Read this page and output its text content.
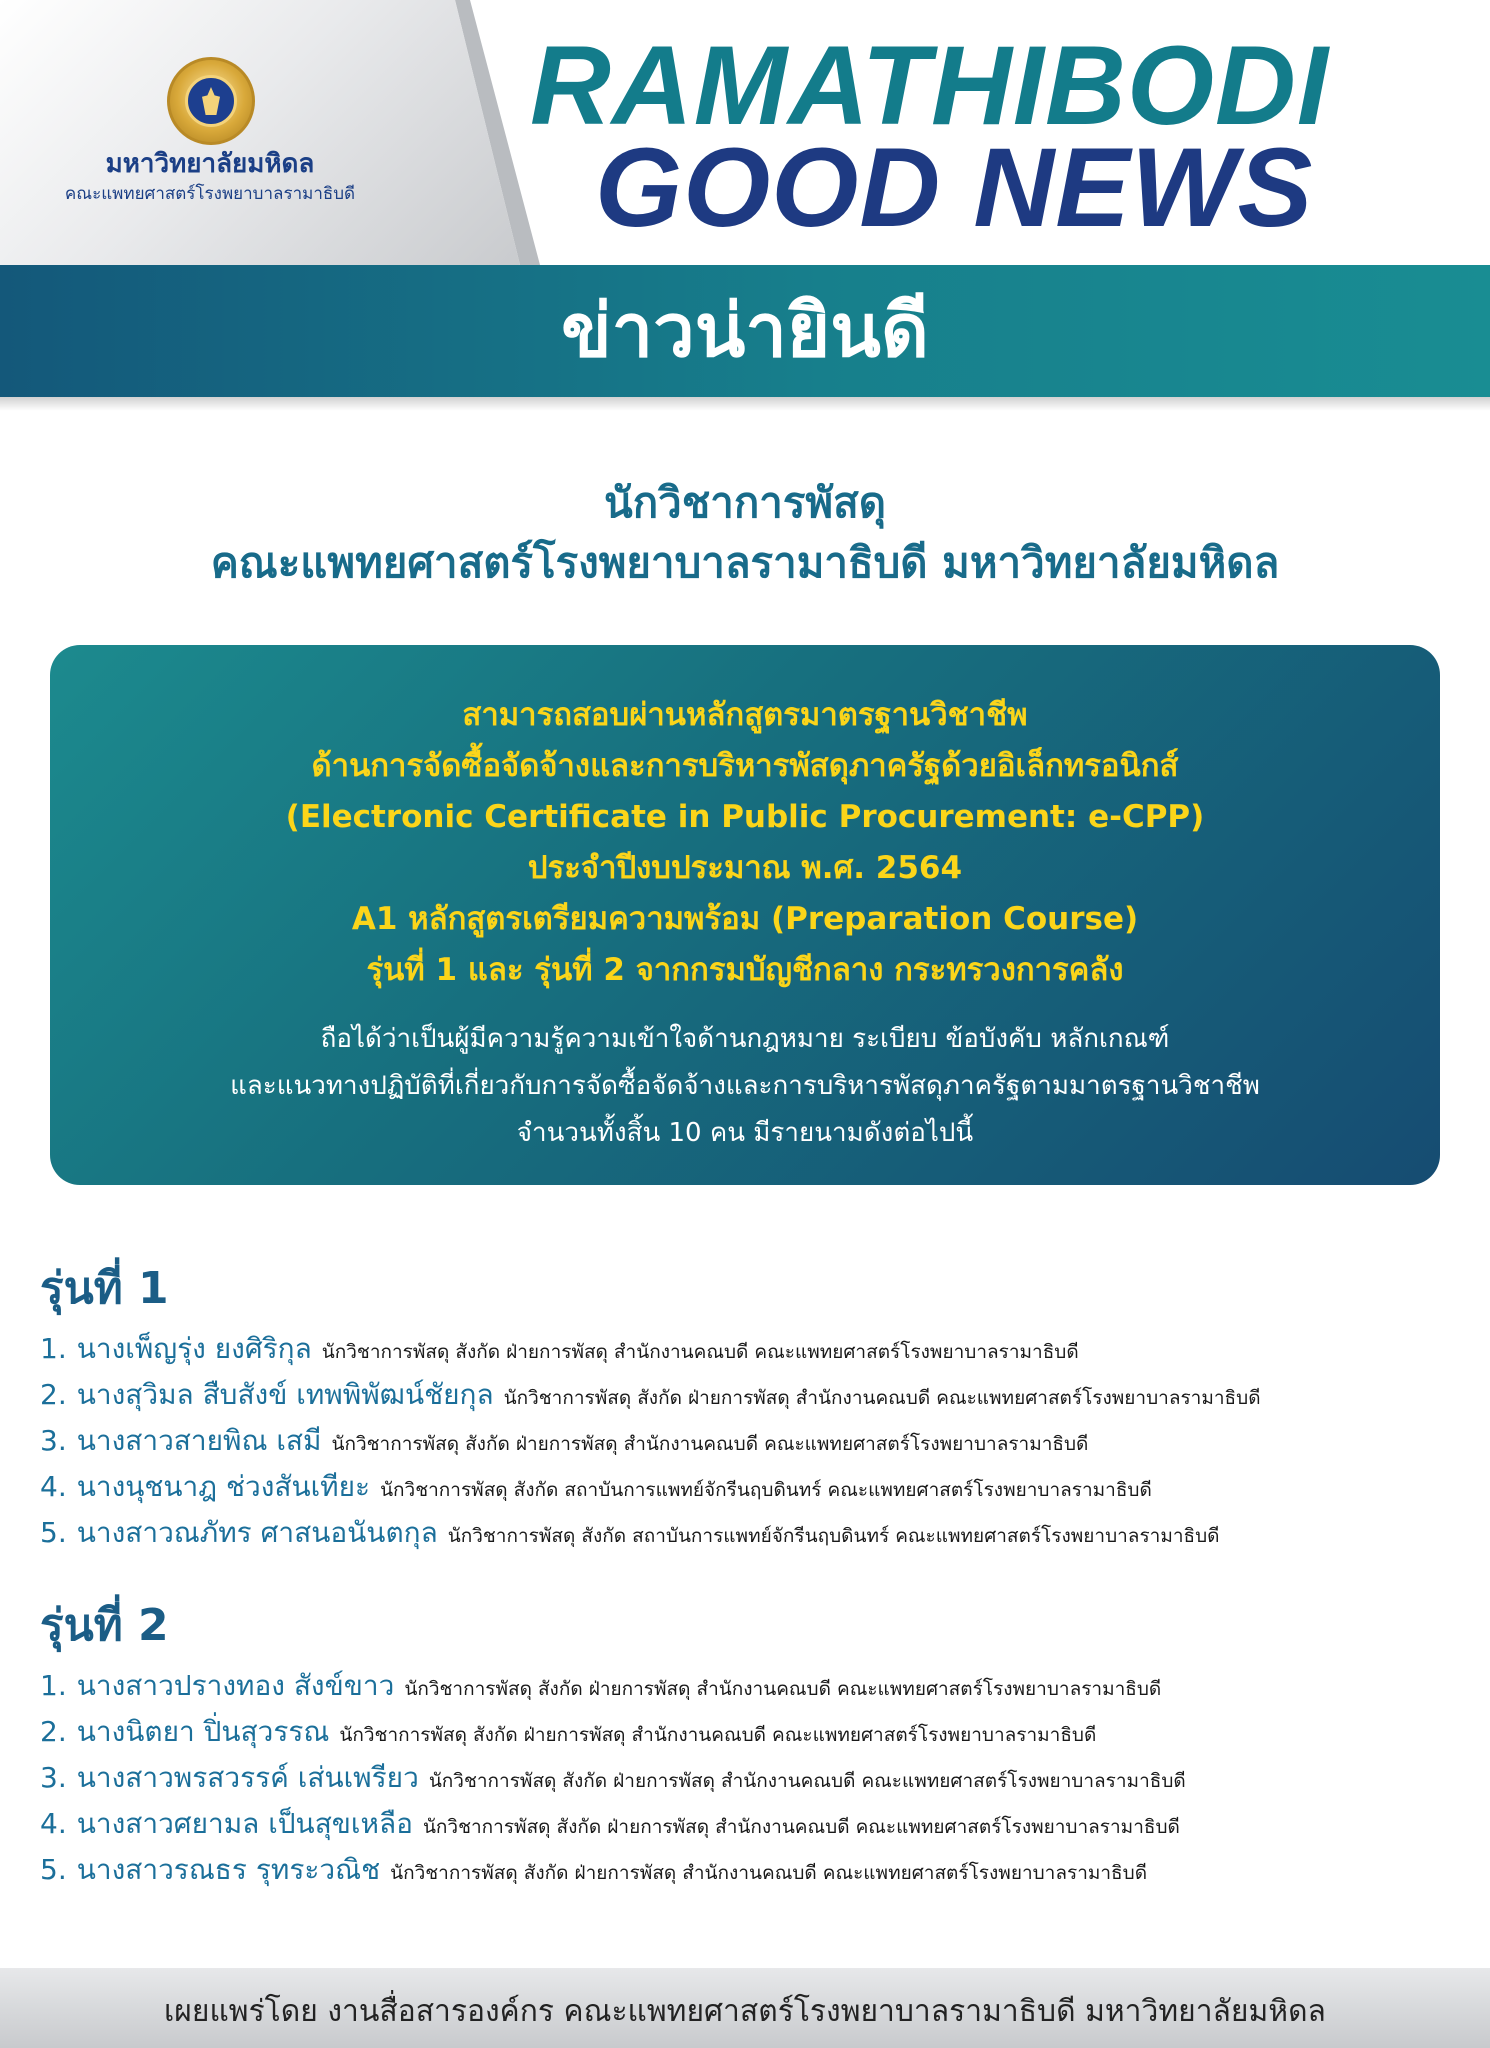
มหาวิทยาลัยมหิดล
คณะแพทยศาสตร์โรงพยาบาลรามาธิบดี
RAMATHIBODI
GOOD NEWS
ข่าวน่ายินดี
นักวิชาการพัสดุ
คณะแพทยศาสตร์โรงพยาบาลรามาธิบดี มหาวิทยาลัยมหิดล
สามารถสอบผ่านหลักสูตรมาตรฐานวิชาชีพ
ด้านการจัดซื้อจัดจ้างและการบริหารพัสดุภาครัฐด้วยอิเล็กทรอนิกส์
(Electronic Certificate in Public Procurement: e-CPP)
ประจำปีงบประมาณ พ.ศ. 2564
A1 หลักสูตรเตรียมความพร้อม (Preparation Course)
รุ่นที่ 1 และ รุ่นที่ 2 จากกรมบัญชีกลาง กระทรวงการคลัง
ถือได้ว่าเป็นผู้มีความรู้ความเข้าใจด้านกฎหมาย ระเบียบ ข้อบังคับ หลักเกณฑ์
และแนวทางปฏิบัติที่เกี่ยวกับการจัดซื้อจัดจ้างและการบริหารพัสดุภาครัฐตามมาตรฐานวิชาชีพ
จำนวนทั้งสิ้น 10 คน มีรายนามดังต่อไปนี้
รุ่นที่ 1
1. นางเพ็ญรุ่ง ยงศิริกุล นักวิชาการพัสดุ สังกัด ฝ่ายการพัสดุ สำนักงานคณบดี คณะแพทยศาสตร์โรงพยาบาลรามาธิบดี
2. นางสุวิมล สืบสังข์ เทพพิพัฒน์ชัยกุล นักวิชาการพัสดุ สังกัด ฝ่ายการพัสดุ สำนักงานคณบดี คณะแพทยศาสตร์โรงพยาบาลรามาธิบดี
3. นางสาวสายพิณ เสมี นักวิชาการพัสดุ สังกัด ฝ่ายการพัสดุ สำนักงานคณบดี คณะแพทยศาสตร์โรงพยาบาลรามาธิบดี
4. นางนุชนาฎ ช่วงสันเทียะ นักวิชาการพัสดุ สังกัด สถาบันการแพทย์จักรีนฤบดินทร์ คณะแพทยศาสตร์โรงพยาบาลรามาธิบดี
5. นางสาวณภัทร ศาสนอนันตกุล นักวิชาการพัสดุ สังกัด สถาบันการแพทย์จักรีนฤบดินทร์ คณะแพทยศาสตร์โรงพยาบาลรามาธิบดี
รุ่นที่ 2
1. นางสาวปรางทอง สังข์ขาว นักวิชาการพัสดุ สังกัด ฝ่ายการพัสดุ สำนักงานคณบดี คณะแพทยศาสตร์โรงพยาบาลรามาธิบดี
2. นางนิตยา ปิ่นสุวรรณ นักวิชาการพัสดุ สังกัด ฝ่ายการพัสดุ สำนักงานคณบดี คณะแพทยศาสตร์โรงพยาบาลรามาธิบดี
3. นางสาวพรสวรรค์ เส่นเพรียว นักวิชาการพัสดุ สังกัด ฝ่ายการพัสดุ สำนักงานคณบดี คณะแพทยศาสตร์โรงพยาบาลรามาธิบดี
4. นางสาวศยามล เป็นสุขเหลือ นักวิชาการพัสดุ สังกัด ฝ่ายการพัสดุ สำนักงานคณบดี คณะแพทยศาสตร์โรงพยาบาลรามาธิบดี
5. นางสาวรณธร รุทระวณิช นักวิชาการพัสดุ สังกัด ฝ่ายการพัสดุ สำนักงานคณบดี คณะแพทยศาสตร์โรงพยาบาลรามาธิบดี
เผยแพร่โดย งานสื่อสารองค์กร คณะแพทยศาสตร์โรงพยาบาลรามาธิบดี มหาวิทยาลัยมหิดล
